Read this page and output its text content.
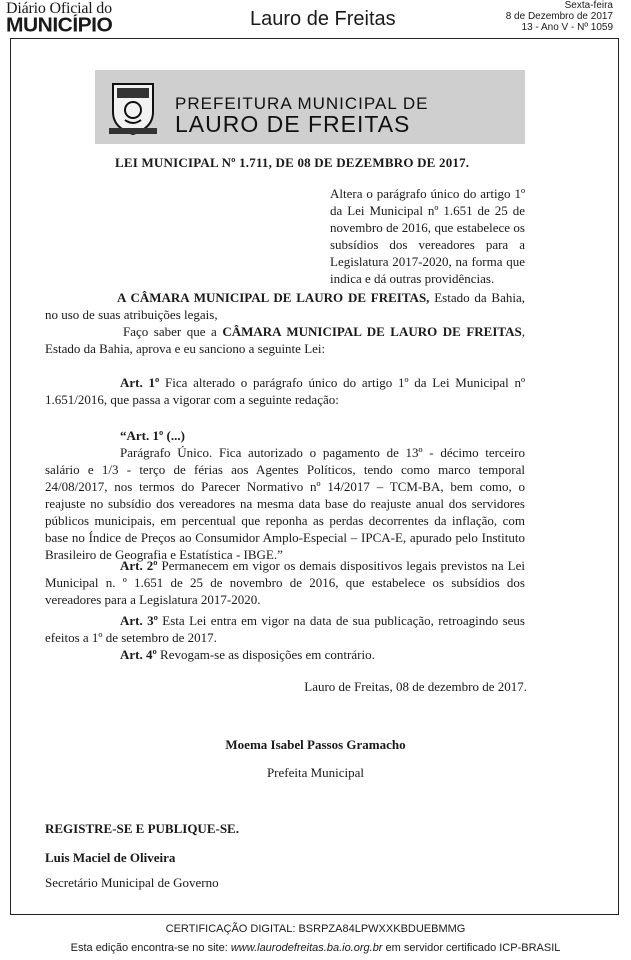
Diário Oficial do
MUNICÍPIO	Lauro de Freitas
Sexta-feira
8 de Dezembro de 2017
13 - Ano V - Nº 1059
PREFEITURA MUNICIPAL DE
LAURO DE FREITAS
LEI MUNICIPAL Nº 1.711, DE 08 DE DEZEMBRO DE 2017.
Altera o parágrafo único do artigo 1º da Lei Municipal nº 1.651 de 25 de novembro de 2016, que estabelece os subsídios dos vereadores para a Legislatura 2017-2020, na forma que indica e dá outras providências.
A CÂMARA MUNICIPAL DE LAURO DE FREITAS, Estado da Bahia, no uso de suas atribuições legais,
Faço saber que a CÂMARA MUNICIPAL DE LAURO DE FREITAS, Estado da Bahia, aprova e eu sanciono a seguinte Lei:
Art. 1º Fica alterado o parágrafo único do artigo 1º da Lei Municipal nº 1.651/2016, que passa a vigorar com a seguinte redação:
“Art. 1º (...)
Parágrafo Único. Fica autorizado o pagamento de 13º - décimo terceiro salário e 1/3 - terço de férias aos Agentes Políticos, tendo como marco temporal 24/08/2017, nos termos do Parecer Normativo nº 14/2017 – TCM-BA, bem como, o reajuste no subsídio dos vereadores na mesma data base do reajuste anual dos servidores públicos municipais, em percentual que reponha as perdas decorrentes da inflação, com base no Índice de Preços ao Consumidor Amplo-Especial – IPCA-E, apurado pelo Instituto Brasileiro de Geografia e Estatística - IBGE.”
Art. 2º Permanecem em vigor os demais dispositivos legais previstos na Lei Municipal n. º 1.651 de 25 de novembro de 2016, que estabelece os subsídios dos vereadores para a Legislatura 2017-2020.
Art. 3º Esta Lei entra em vigor na data de sua publicação, retroagindo seus efeitos a 1º de setembro de 2017.
Art. 4º Revogam-se as disposições em contrário.
Lauro de Freitas, 08 de dezembro de 2017.
Moema Isabel Passos Gramacho
Prefeita Municipal
REGISTRE-SE E PUBLIQUE-SE.
Luis Maciel de Oliveira
Secretário Municipal de Governo
CERTIFICAÇÃO DIGITAL: BSRPZA84LPWXXKBDUEBMMG
Esta edição encontra-se no site: www.laurodefreitas.ba.io.org.br em servidor certificado ICP-BRASIL
